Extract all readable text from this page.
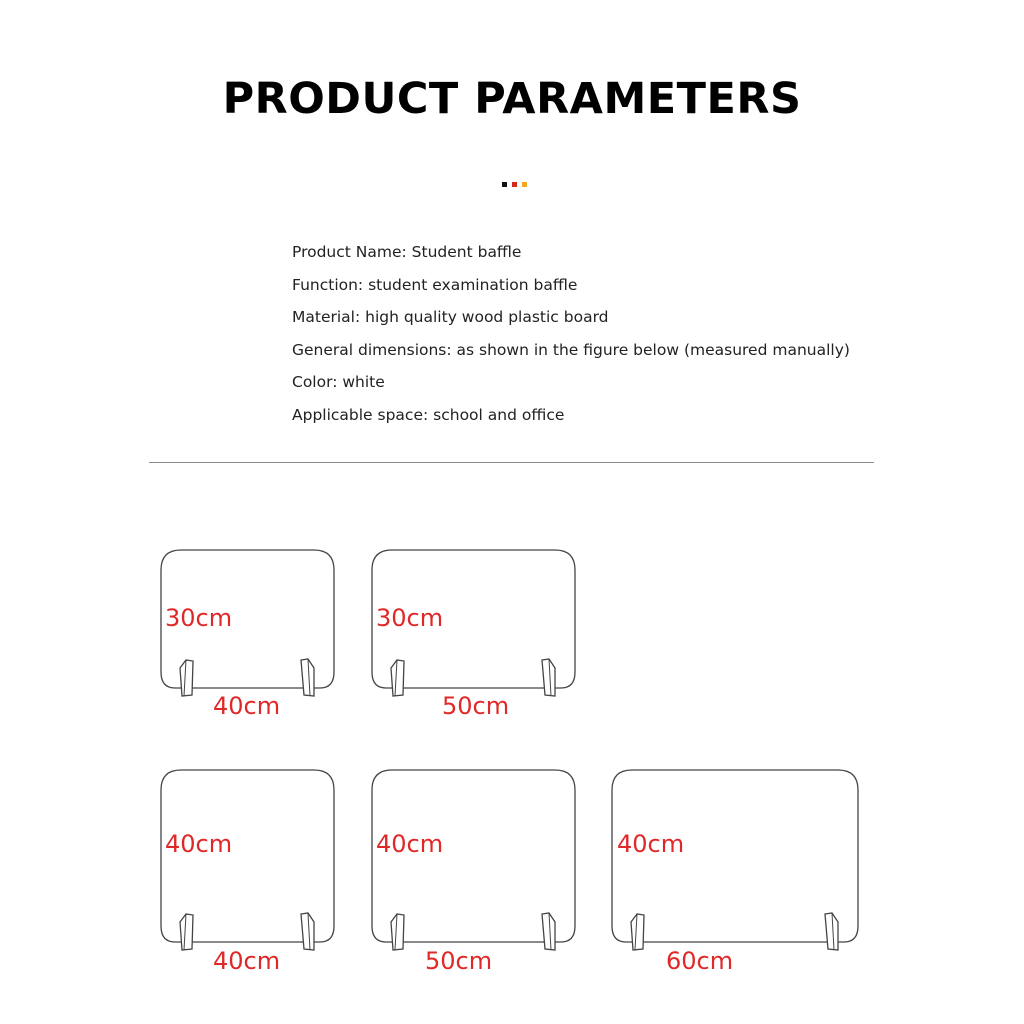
PRODUCT PARAMETERS
Product Name: Student baffle
Function: student examination baffle
Material: high quality wood plastic board
General dimensions: as shown in the figure below (measured manually)
Color: white
Applicable space: school and office
30cm
40cm
30cm
50cm
40cm
40cm
40cm
50cm
40cm
60cm
